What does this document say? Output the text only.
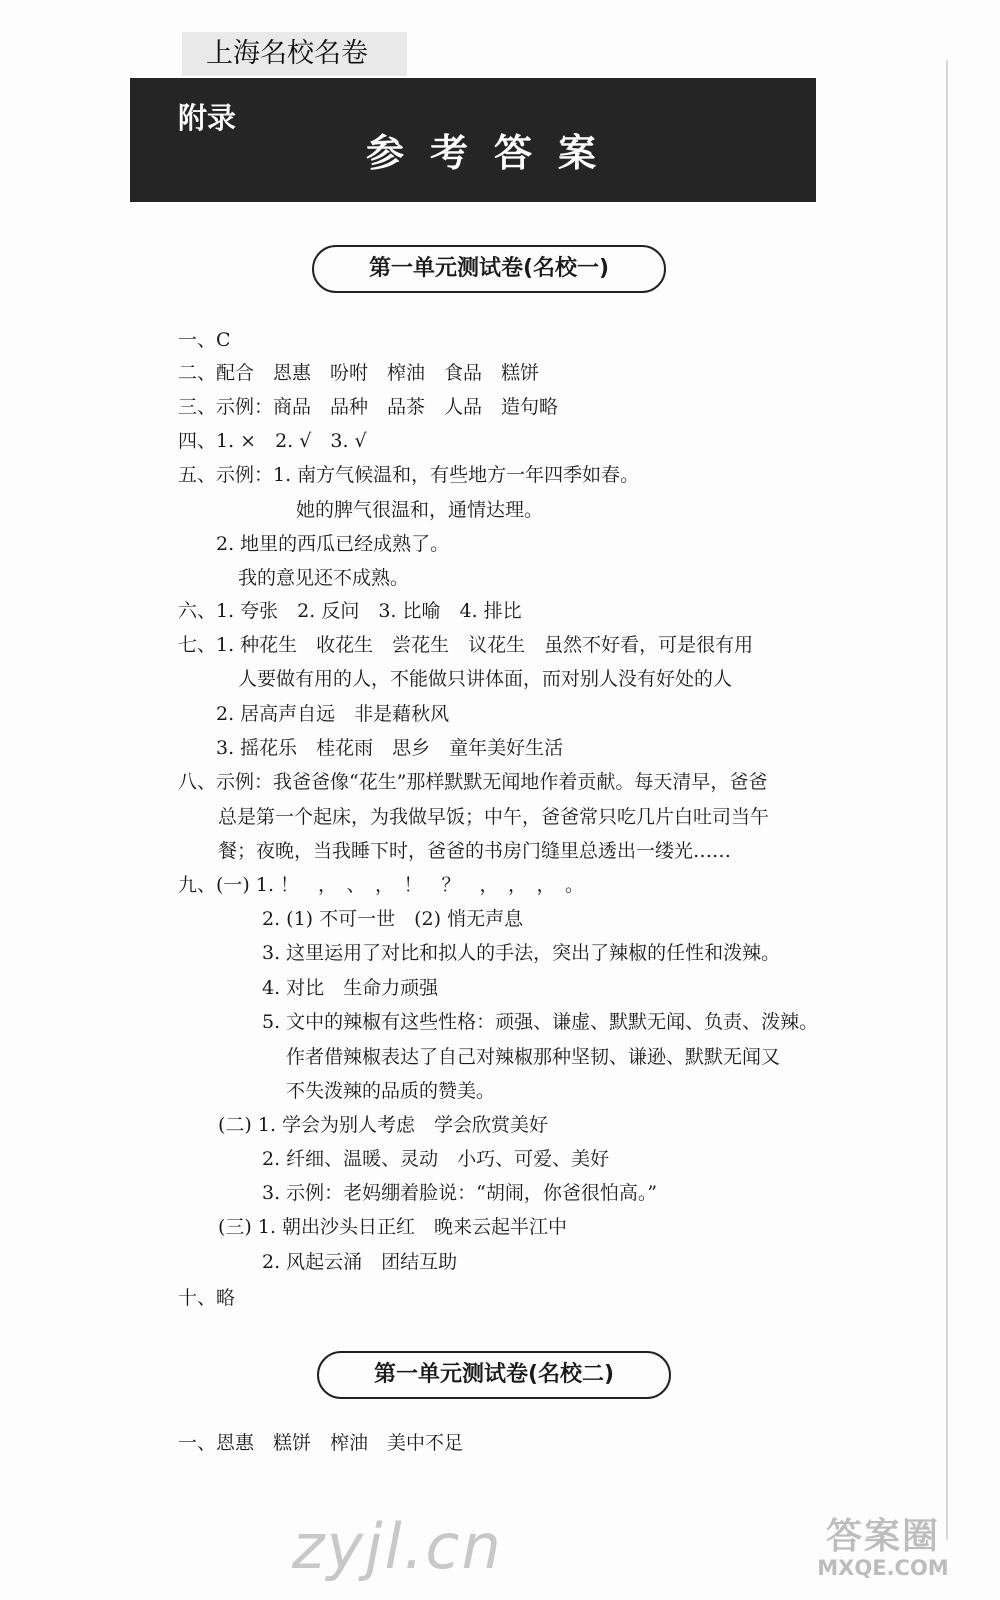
上海名校名卷
附录
参考答案
第一单元测试卷(名校一)
一、C
二、配合　恩惠　吩咐　榨油　食品　糕饼
三、示例：商品　品种　品茶　人品　造句略
四、1. ×　2. √　3. √
五、示例：1. 南方气候温和，有些地方一年四季如春。
她的脾气很温和，通情达理。
2. 地里的西瓜已经成熟了。
我的意见还不成熟。
六、1. 夸张　2. 反问　3. 比喻　4. 排比
七、1. 种花生　收花生　尝花生　议花生　虽然不好看，可是很有用
人要做有用的人，不能做只讲体面，而对别人没有好处的人
2. 居高声自远　非是藉秋风
3. 摇花乐　桂花雨　思乡　童年美好生活
八、示例：我爸爸像“花生”那样默默无闻地作着贡献。每天清早，爸爸
总是第一个起床，为我做早饭；中午，爸爸常只吃几片白吐司当午
餐；夜晚，当我睡下时，爸爸的书房门缝里总透出一缕光……
九、(一) 1. ！　，　、　，　！　？　，　，　，　。
2. (1) 不可一世　(2) 悄无声息
3. 这里运用了对比和拟人的手法，突出了辣椒的任性和泼辣。
4. 对比　生命力顽强
5. 文中的辣椒有这些性格：顽强、谦虚、默默无闻、负责、泼辣。
作者借辣椒表达了自己对辣椒那种坚韧、谦逊、默默无闻又
不失泼辣的品质的赞美。
(二) 1. 学会为别人考虑　学会欣赏美好
2. 纤细、温暖、灵动　小巧、可爱、美好
3. 示例：老妈绷着脸说：“胡闹，你爸很怕高。”
(三) 1. 朝出沙头日正红　晚来云起半江中
2. 风起云涌　团结互助
十、略
第一单元测试卷(名校二)
一、恩惠　糕饼　榨油　美中不足
zyjl.cn	答案圈
MXQE.COM
